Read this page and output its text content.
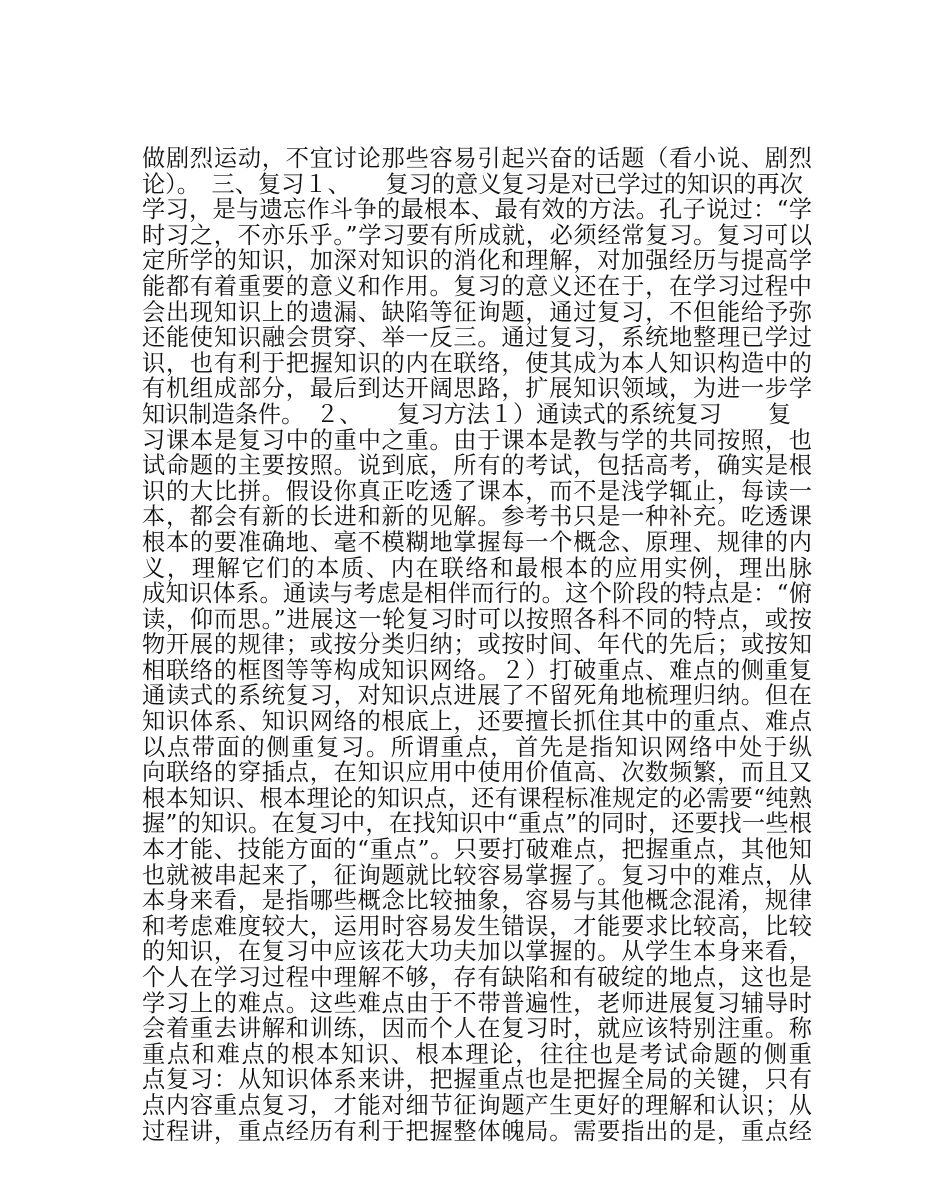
做剧烈运动，不宜讨论那些容易引起兴奋的话题（看小说、剧烈
论）。　三、复习１、　　复习的意义复习是对已学过的知识的再次
学习，是与遗忘作斗争的最根本、最有效的方法。孔子说过：“学
时习之，不亦乐乎。”学习要有所成就，必须经常复习。复习可以
定所学的知识，加深对知识的消化和理解，对加强经历与提高学
能都有着重要的意义和作用。复习的意义还在于，在学习过程中
会出现知识上的遗漏、缺陷等征询题，通过复习，不但能给予弥
还能使知识融会贯穿、举一反三。通过复习，系统地整理已学过
识，也有利于把握知识的内在联络，使其成为本人知识构造中的
有机组成部分，最后到达开阔思路，扩展知识领域，为进一步学
知识制造条件。　２、　　复习方法１）通读式的系统复习　　复
习课本是复习中的重中之重。由于课本是教与学的共同按照，也
试命题的主要按照。说到底，所有的考试，包括高考，确实是根
识的大比拼。假设你真正吃透了课本，而不是浅学辄止，每读一
本，都会有新的长进和新的见解。参考书只是一种补充。吃透课
根本的要准确地、毫不模糊地掌握每一个概念、原理、规律的内
义，理解它们的本质、内在联络和最根本的应用实例，理出脉
成知识体系。通读与考虑是相伴而行的。这个阶段的特点是：“俯
读，仰而思。”进展这一轮复习时可以按照各科不同的特点，或按
物开展的规律；或按分类归纳；或按时间、年代的先后；或按知
相联络的框图等等构成知识网络。２）打破重点、难点的侧重复
通读式的系统复习，对知识点进展了不留死角地梳理归纳。但在
知识体系、知识网络的根底上，还要擅长抓住其中的重点、难点
以点带面的侧重复习。所谓重点，首先是指知识网络中处于纵
向联络的穿插点，在知识应用中使用价值高、次数频繁，而且又
根本知识、根本理论的知识点，还有课程标准规定的必需要“纯熟
握”的知识。在复习中，在找知识中“重点”的同时，还要找一些根
本才能、技能方面的“重点”。只要打破难点，把握重点，其他知
也就被串起来了，征询题就比较容易掌握了。复习中的难点，从
本身来看，是指哪些概念比较抽象，容易与其他概念混淆，规律
和考虑难度较大，运用时容易发生错误，才能要求比较高，比较
的知识，在复习中应该花大功夫加以掌握的。从学生本身来看，
个人在学习过程中理解不够，存有缺陷和有破绽的地点，这也是
学习上的难点。这些难点由于不带普遍性，老师进展复习辅导时
会着重去讲解和训练，因而个人在复习时，就应该特别注重。称
重点和难点的根本知识、根本理论，往往也是考试命题的侧重
点复习：从知识体系来讲，把握重点也是把握全局的关键，只有
点内容重点复习，才能对细节征询题产生更好的理解和认识；从
过程讲，重点经历有利于把握整体魄局。需要指出的是，重点经
